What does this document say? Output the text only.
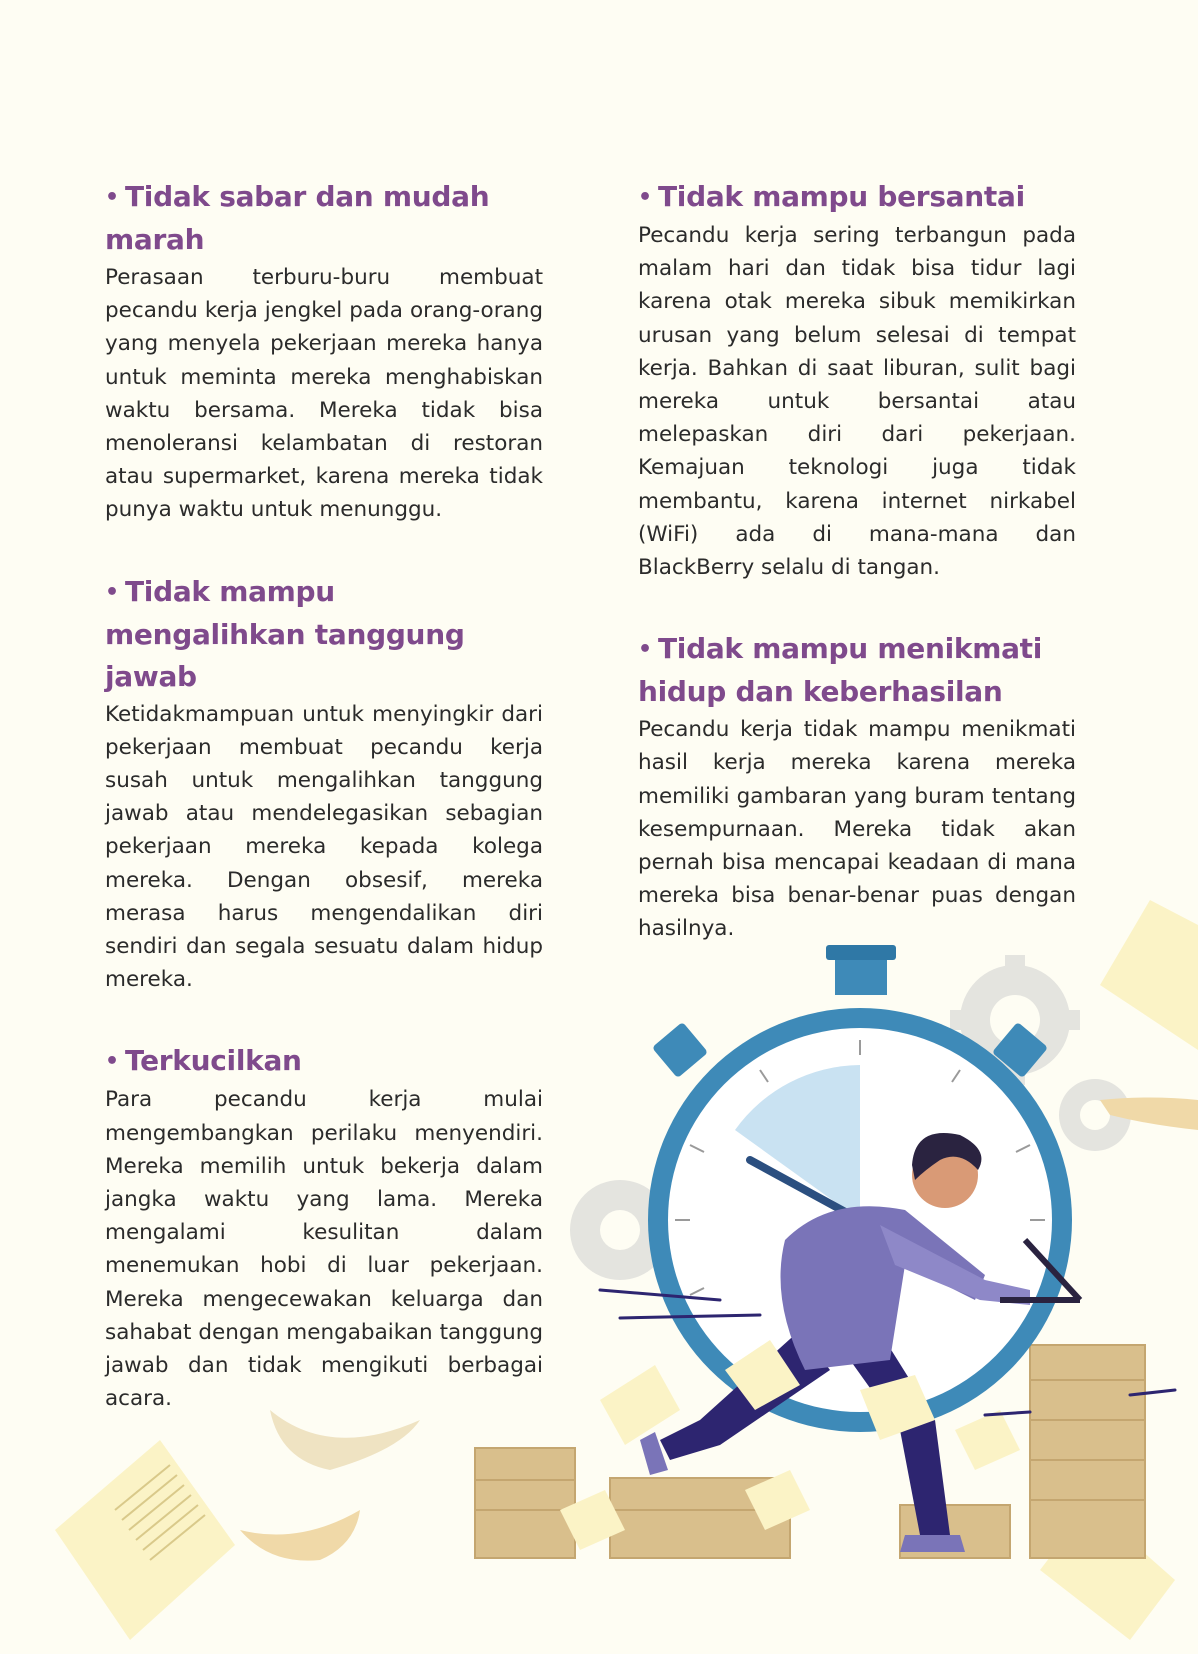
• Tidak sabar dan mudah marah

Perasaan terburu-buru membuat pecandu kerja jengkel pada orang-orang yang menyela pekerjaan mereka hanya untuk meminta mereka menghabiskan waktu bersama. Mereka tidak bisa menoleransi kelambatan di restoran atau supermarket, karena mereka tidak punya waktu untuk menunggu.

• Tidak mampu mengalihkan tanggung jawab

Ketidakmampuan untuk menyingkir dari pekerjaan membuat pecandu kerja susah untuk mengalihkan tanggung jawab atau mendelegasikan sebagian pekerjaan mereka kepada kolega mereka. Dengan obsesif, mereka merasa harus mengendalikan diri sendiri dan segala sesuatu dalam hidup mereka.

• Terkucilkan

Para pecandu kerja mulai mengembangkan perilaku menyendiri. Mereka memilih untuk bekerja dalam jangka waktu yang lama. Mereka mengalami kesulitan dalam menemukan hobi di luar pekerjaan. Mereka mengecewakan keluarga dan sahabat dengan mengabaikan tanggung jawab dan tidak mengikuti berbagai acara.

• Tidak mampu bersantai

Pecandu kerja sering terbangun pada malam hari dan tidak bisa tidur lagi karena otak mereka sibuk memikirkan urusan yang belum selesai di tempat kerja. Bahkan di saat liburan, sulit bagi mereka untuk bersantai atau melepaskan diri dari pekerjaan. Kemajuan teknologi juga tidak membantu, karena internet nirkabel (WiFi) ada di mana-mana dan BlackBerry selalu di tangan.

• Tidak mampu menikmati hidup dan keberhasilan

Pecandu kerja tidak mampu menikmati hasil kerja mereka karena mereka memiliki gambaran yang buram tentang kesempurnaan. Mereka tidak akan pernah bisa mencapai keadaan di mana mereka bisa benar-benar puas dengan hasilnya.
